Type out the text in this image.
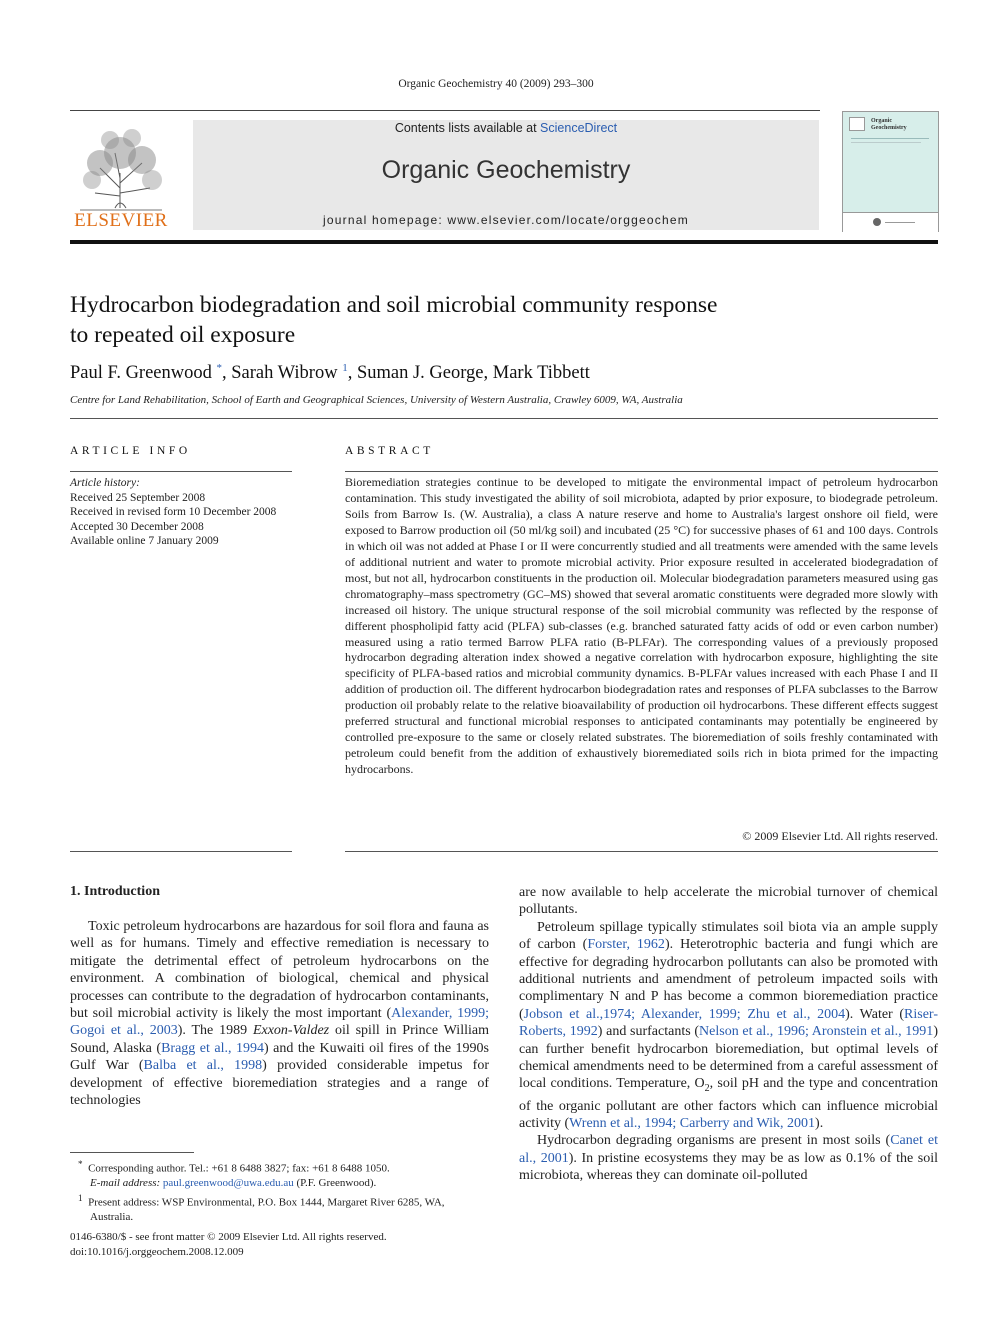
Organic Geochemistry 40 (2009) 293–300
ELSEVIER
Contents lists available at ScienceDirect
Organic Geochemistry
journal homepage: www.elsevier.com/locate/orggeochem
Organic Geochemistry
Hydrocarbon biodegradation and soil microbial community response
to repeated oil exposure
Paul F. Greenwood *, Sarah Wibrow $^1$, Suman J. George, Mark Tibbett
Centre for Land Rehabilitation, School of Earth and Geographical Sciences, University of Western Australia, Crawley 6009, WA, Australia
ARTICLE INFO
Article history:
Received 25 September 2008
Received in revised form 10 December 2008
Accepted 30 December 2008
Available online 7 January 2009
ABSTRACT
Bioremediation strategies continue to be developed to mitigate the environmental impact of petroleum hydrocarbon contamination. This study investigated the ability of soil microbiota, adapted by prior exposure, to biodegrade petroleum. Soils from Barrow Is. (W. Australia), a class A nature reserve and home to Australia's largest onshore oil field, were exposed to Barrow production oil (50 ml/kg soil) and incubated (25 °C) for successive phases of 61 and 100 days. Controls in which oil was not added at Phase I or II were concurrently studied and all treatments were amended with the same levels of additional nutrient and water to promote microbial activity. Prior exposure resulted in accelerated biodegradation of most, but not all, hydrocarbon constituents in the production oil. Molecular biodegradation parameters measured using gas chromatography–mass spectrometry (GC–MS) showed that several aromatic constituents were degraded more slowly with increased oil history. The unique structural response of the soil microbial community was reflected by the response of different phospholipid fatty acid (PLFA) sub-classes (e.g. branched saturated fatty acids of odd or even carbon number) measured using a ratio termed Barrow PLFA ratio (B-PLFAr). The corresponding values of a previously proposed hydrocarbon degrading alteration index showed a negative correlation with hydrocarbon exposure, highlighting the site specificity of PLFA-based ratios and microbial community dynamics. B-PLFAr values increased with each Phase I and II addition of production oil. The different hydrocarbon biodegradation rates and responses of PLFA subclasses to the Barrow production oil probably relate to the relative bioavailability of production oil hydrocarbons. These different effects suggest preferred structural and functional microbial responses to anticipated contaminants may potentially be engineered by controlled pre-exposure to the same or closely related substrates. The bioremediation of soils freshly contaminated with petroleum could benefit from the addition of exhaustively bioremediated soils rich in biota primed for the impacting hydrocarbons.
© 2009 Elsevier Ltd. All rights reserved.
1. Introduction

Toxic petroleum hydrocarbons are hazardous for soil flora and fauna as well as for humans. Timely and effective remediation is necessary to mitigate the detrimental effect of petroleum hydrocarbons on the environment. A combination of biological, chemical and physical processes can contribute to the degradation of hydrocarbon contaminants, but soil microbial activity is likely the most important (Alexander, 1999; Gogoi et al., 2003). The 1989 Exxon-Valdez oil spill in Prince William Sound, Alaska (Bragg et al., 1994) and the Kuwaiti oil fires of the 1990s Gulf War (Balba et al., 1998) provided considerable impetus for development of effective bioremediation strategies and a range of technologies

are now available to help accelerate the microbial turnover of chemical pollutants.

Petroleum spillage typically stimulates soil biota via an ample supply of carbon (Forster, 1962). Heterotrophic bacteria and fungi which are effective for degrading hydrocarbon pollutants can also be promoted with additional nutrients and amendment of petroleum impacted soils with complimentary N and P has become a common bioremediation practice (Jobson et al.,1974; Alexander, 1999; Zhu et al., 2004). Water (Riser-Roberts, 1992) and surfactants (Nelson et al., 1996; Aronstein et al., 1991) can further benefit hydrocarbon bioremediation, but optimal levels of chemical amendments need to be determined from a careful assessment of local conditions. Temperature, $O_2$, soil pH and the type and concentration of the organic pollutant are other factors which can influence microbial activity (Wrenn et al., 1994; Carberry and Wik, 2001).

Hydrocarbon degrading organisms are present in most soils (Canet et al., 2001). In pristine ecosystems they may be as low as 0.1% of the soil microbiota, whereas they can dominate oil-polluted

* Corresponding author. Tel.: +61 8 6488 3827; fax: +61 8 6488 1050.
E-mail address: paul.greenwood@uwa.edu.au (P.F. Greenwood).
$^1$ Present address: WSP Environmental, P.O. Box 1444, Margaret River 6285, WA, Australia.
0146-6380/$ - see front matter © 2009 Elsevier Ltd. All rights reserved.
doi:10.1016/j.orggeochem.2008.12.009
